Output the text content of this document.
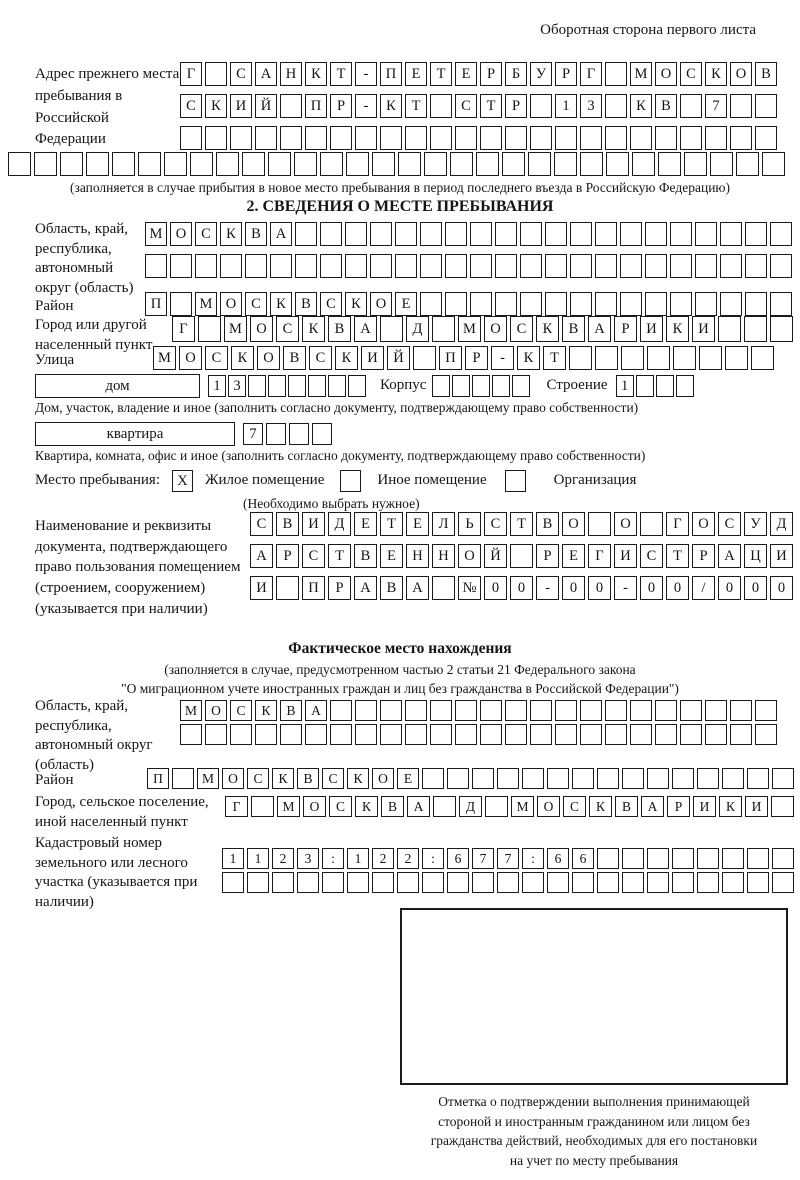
Оборотная сторона первого листа
Адрес прежнего места пребывания в Российской Федерации
Г	С	А	Н	К	Т	-	П	Е	Т	Е	Р	Б	У	Р	Г	М О	С	К	О	В
С	К	И	Й	П	Р	-	К	Т	С	Т	Р	1	3	К	В	7
(заполняется в случае прибытия в новое место пребывания в период последнего въезда в Российскую Федерацию)
2. СВЕДЕНИЯ О МЕСТЕ ПРЕБЫВАНИЯ
Область, край, республика, автономный округ (область)
М О	С	К	В	А
Район	П	М О	С	К	В	С	К	О	Е
Город или другой населенный пункт
Г	М О	С	К	В	А	Д	М О	С	К	В	А	Р	И	К	И
Улица	М О	С	К	О	В	С	К	И	Й	П	Р	-	К	Т
дом	1 3	Корпус	Строение 1
Дом, участок, владение и иное (заполнить согласно документу, подтверждающему право собственности)
квартира	7
Квартира, комната, офис и иное (заполнить согласно документу, подтверждающему право собственности)
Место пребывания:	X	Жилое помещение	Иное помещение	Организация
(Необходимо выбрать нужное)
Наименование и реквизиты документа, подтверждающего право пользования помещением (строением, сооружением) (указывается при наличии)
С	В	И	Д	Е	Т	Е	Л	Ь	С	Т	В	О	О	Г	О	С	У	Д
А	Р	С	Т	В	Е	Н	Н	О	Й	Р	Е	Г	И	С	Т	Р	А	Ц	И
И	П	Р	А	В	А	№	0	0	-	0	0	-	0	0	/	0	0	0
Фактическое место нахождения
(заполняется в случае, предусмотренном частью 2 статьи 21 Федерального закона
"О миграционном учете иностранных граждан и лиц без гражданства в Российской Федерации")
Область, край, республика, автономный округ (область)
М	О	С	К	В	А
Район	П	М	О	С	К	В	С	К	О	Е
Город, сельское поселение, иной населенный пункт
Г	М	О	С	К	В	А	Д	М	О	С	К	В	А	Р	И	К	И
Кадастровый номер земельного или лесного участка (указывается при наличии)
1	1	2	3	:	1	2	2	:	6	7	7	:	6	6
Отметка о подтверждении выполнения принимающей стороной и иностранным гражданином или лицом без гражданства действий, необходимых для его постановки на учет по месту пребывания
